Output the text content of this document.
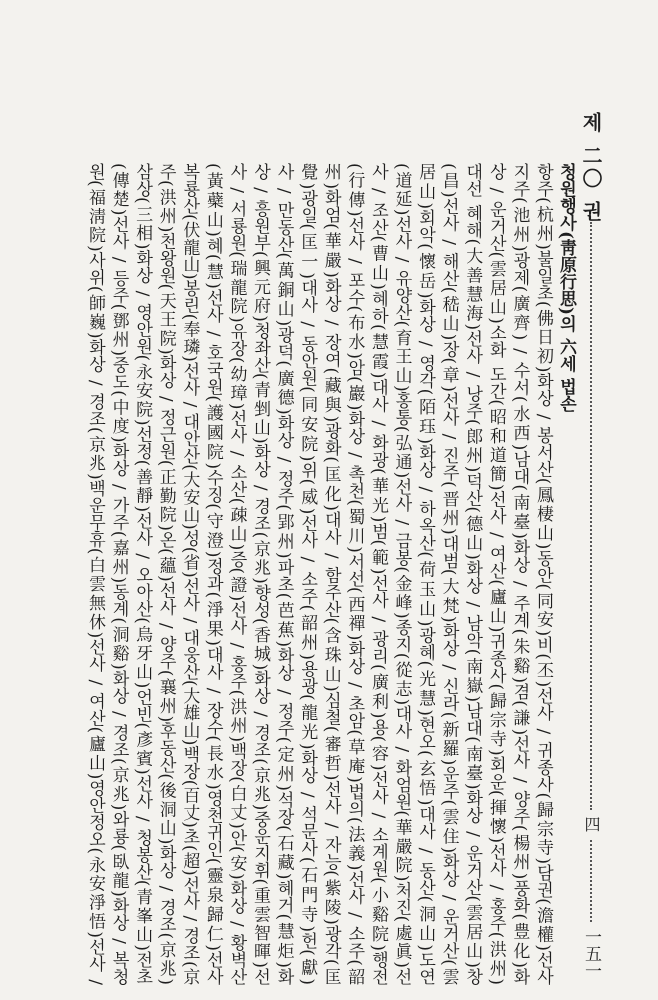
제 二〇 권
四
一五一
청원행사(靑原行思)의 六세 법손
항주(杭州)불일초(佛日初)화상 / 봉서산(鳳棲山)동안(同安)비(丕)선사 / 귀종사(歸宗寺)담권(澹權)선사
지주(池州)광제(廣齊) / 수서(水西)남대(南臺)화상 / 주계(朱谿)겸(謙)선사 / 양주(楊州)풍화(豊化)화
상 / 운거산(雲居山)소화 도간(昭和道簡)선사 / 여산(廬山)귀종사(歸宗寺)회운(揮懷)선사 / 홍주(洪州)
대선 혜해(大善慧海)선사 / 낭주(郎州)덕산(德山)화상 / 남악(南嶽)남대(南臺)화상 / 운거산(雲居山)창
(昌)선사 / 해산(嵇山)장(章)선사 / 진주(晋州)대범(大梵)화상 / 신라(新羅)운주(雲住)화상 / 운거산(雲
居山)회악(懷岳)화상 / 영각(陌珏)화상 / 하옥산(荷玉山)광혜(光慧)현오(玄悟)대사 / 동산(洞山)도연
(道延)선사 / 유양산(育王山)홍통(弘通)선사 / 금봉(金峰)종지(從志)대사 / 화엄원(華嚴院)처진(處眞)선
사 / 조산(曹山)혜하(慧霞)대사 / 화광(華光)범(範)선사 / 광리(廣利)용(容)선사 / 소계원(小谿院)행전
(行傳)선사 / 포수(布水)암(巖)화상 / 촉천(蜀川)서선(西禪)화상 / 초암(草庵)법의(法義)선사 / 소주(韶
州)화엄(華嚴)화상 / 장여(藏與)광화(匡化)대사 / 함주산(含珠山)심철(審哲)선사 / 자능(紫陵)광각(匡
覺)광일(匡一)대사 / 동안원(同安院)위(威)선사 / 소주(韶州)용광(龍光)화상 / 석문사(石門寺)헌(獻)
사 / 만동산(萬銅山)광덕(廣德)화상 / 정주(郢州)파초(芭蕉)화상 / 정주(定州)석장(石藏)혜거(慧炬)화
상 / 흥원부(興元府)청좌산(青剉山)화상 / 경조(京兆)향성(香城)화상 / 경조(京兆)중운지휘(重雲智暉)선
사 / 서룡원(瑞龍院)유장(幼璋)선사 / 소산(疎山)증(證)선사 / 홍주(洪州)백장(白丈)안(安)화상 / 황벽산
(黃蘗山)혜(慧)선사 / 호국원(護國院)수징(守澄)정과(淨果)대사 / 장수(長水)영천귀인(靈泉歸仁)선사
복룡산(伏龍山)봉린(奉璘)선사 / 대안산(大安山)성(省)선사 / 대웅산(大雄山)백장(百丈)초(超)선사 / 경조(京
주(洪州)천왕원(天王院)화상 / 정근원(正勤院)온(蘊)선사 / 양주(襄州)후동산(後洞山)화상 / 경조(京兆)
삼상(三相)화상 / 영안원(永安院)선정(善靜)선사 / 오아산(烏牙山)언빈(彥賓)선사 / 청봉산(青峯山)전초
(傳楚)선사 / 등주(鄧州)중도(中度)화상 / 가주(嘉州)동계(洞谿)화상 / 경조(京兆)와룡(臥龍)화상 / 복청
원(福淸院)사위(師巍)화상 / 경조(京兆)백운무휴(白雲無休)선사 / 여산(廬山)영안정오(永安淨悟)선사 /
